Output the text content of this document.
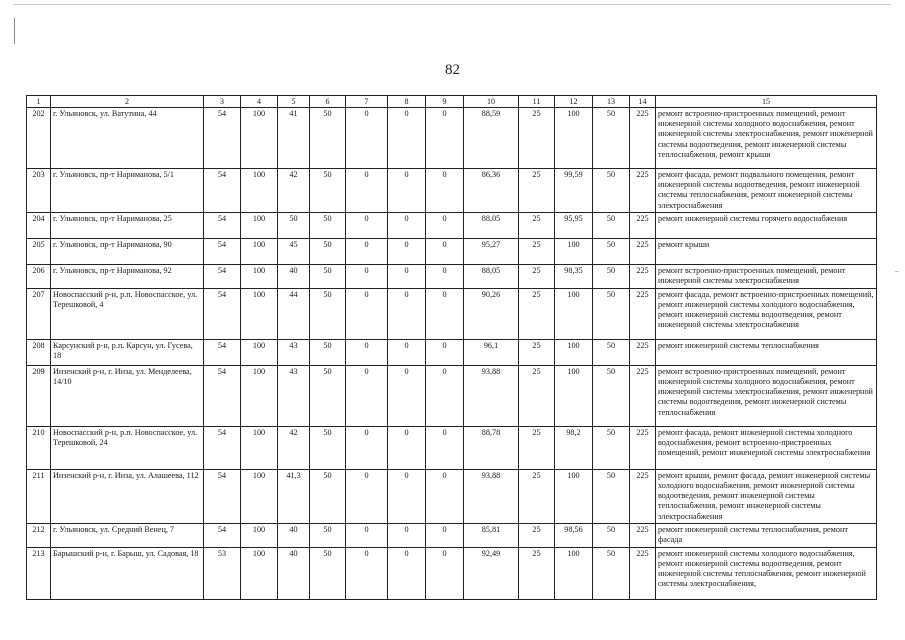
82
1	2	3	4	5	6	7	8	9	10	11	12	13	14	15
202	г. Ульяновск, ул. Ватутина, 44	54	100	41	50	0	0	0	88,59	25	100	50	225	ремонт встроенно-пристроенных помещений, ремонт инженерной системы холодного водоснабжения, ремонт инженерной системы электроснабжения, ремонт инженерной системы водоотведения, ремонт инженерной системы теплоснабжения, ремонт крыши
203	г. Ульяновск, пр-т Нариманова, 5/1	54	100	42	50	0	0	0	86,36	25	99,59	50	225	ремонт фасада, ремонт подвального помещения, ремонт инженерной системы водоотведения, ремонт инженерной системы теплоснабжения, ремонт инженерной системы электроснабжения
204	г. Ульяновск, пр-т Нариманова, 25	54	100	50	50	0	0	0	88,05	25	95,95	50	225	ремонт инженерной системы горячего водоснабжения
205	г. Ульяновск, пр-т Нариманова, 90	54	100	45	50	0	0	0	95,27	25	100	50	225	ремонт крыши
206	г. Ульяновск, пр-т Нариманова, 92	54	100	40	50	0	0	0	88,05	25	98,35	50	225	ремонт встроенно-пристроенных помещений, ремонт инженерной системы электроснабжения
207	Новоспасский р-н, р.п. Новоспасское, ул. Терешковой, 4	54	100	44	50	0	0	0	90,26	25	100	50	225	ремонт фасада, ремонт встроенно-пристроенных помещений, ремонт инженерной системы холодного водоснабжения, ремонт инженерной системы водоотведения, ремонт инженерной системы электроснабжения
208	Карсунский р-н, р.п. Карсун, ул. Гусева, 18	54	100	43	50	0	0	0	96,1	25	100	50	225	ремонт инженерной системы теплоснабжения
209	Инзенский р-н, г. Инза, ул. Менделеева, 14/10	54	100	43	50	0	0	0	93,88	25	100	50	225	ремонт встроенно-пристроенных помещений, ремонт инженерной системы холодного водоснабжения, ремонт инженерной системы электроснабжения, ремонт инженерной системы водоотведения, ремонт инженерной системы теплоснабжения
210	Новоспасский р-н, р.п. Новоспасское, ул. Терешковой, 24	54	100	42	50	0	0	0	88,78	25	98,2	50	225	ремонт фасада, ремонт инженерной системы холодного водоснабжения, ремонт встроенно-пристроенных помещений, ремонт инженерной системы электроснабжения
211	Инзенский р-н, г. Инза, ул. Алашеева, 112	54	100	41,3	50	0	0	0	93,88	25	100	50	225	ремонт крыши, ремонт фасада, ремонт инженерной системы холодного водоснабжения, ремонт инженерной системы водоотведения, ремонт инженерной системы теплоснабжения, ремонт инженерной системы электроснабжения
212	г. Ульяновск, ул. Средний Венец, 7	54	100	40	50	0	0	0	85,81	25	98,56	50	225	ремонт инженерной системы теплоснабжения, ремонт фасада
213	Барышский р-н, г. Барыш, ул. Садовая, 18	53	100	40	50	0	0	0	92,49	25	100	50	225	ремонт инженерной системы холодного водоснабжения, ремонт инженерной системы водоотведения, ремонт инженерной системы теплоснабжения, ремонт инженерной системы электроснабжения,
–
